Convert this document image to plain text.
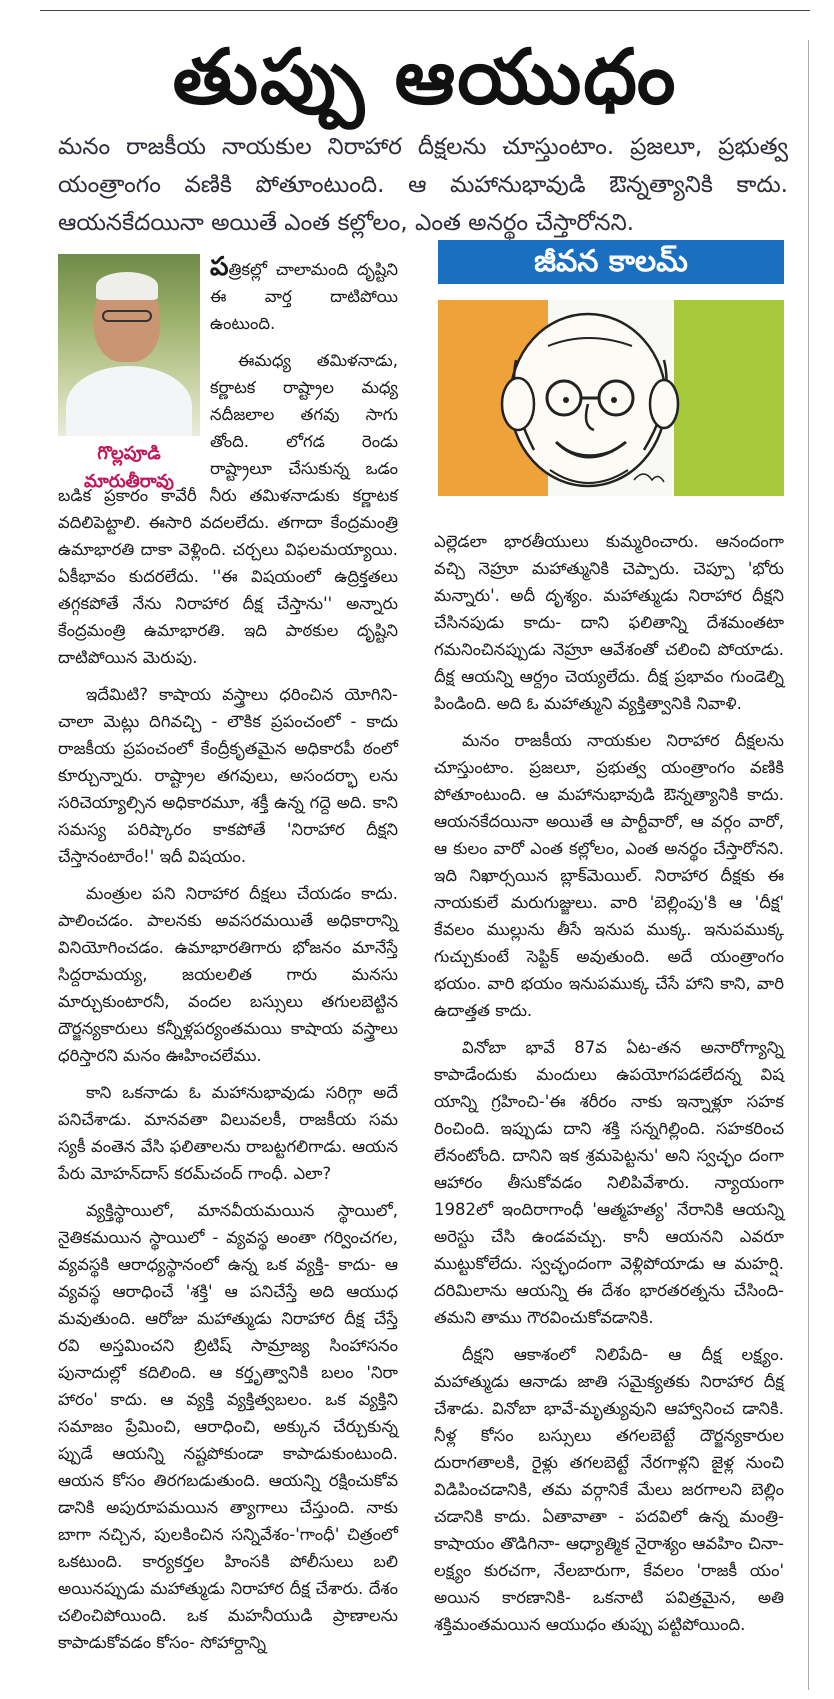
తుప్పు ఆయుధం
మనం రాజకీయ నాయకుల నిరాహార దీక్షలను చూస్తుంటాం. ప్రజలూ, ప్రభుత్వ యంత్రాంగం వణికి పోతూంటుంది. ఆ మహానుభావుడి ఔన్నత్యానికి కాదు. ఆయనకేదయినా అయితే ఎంత కల్లోలం, ఎంత అనర్థం చేస్తారోనని.
గొల్లపూడి
మారుతీరావు

పత్రికల్లో చాలామంది దృష్టిని ఈ వార్త దాటిపోయి ఉంటుంది.

ఈమధ్య తమిళనాడు, కర్ణాటక రాష్ట్రాల మధ్య నదీజలాల తగవు సాగు తోంది. లోగడ రెండు రాష్ట్రాలూ చేసుకున్న ఒడం బడిక ప్రకారం కావేరీ నీరు తమిళనాడుకు కర్ణాటక వదిలిపెట్టాలి. ఈసారి వదలలేదు. తగాదా కేంద్రమంత్రి ఉమాభారతి దాకా వెళ్లింది. చర్చలు విఫలమయ్యాయి. ఏకీభావం కుదరలేదు. ''ఈ విషయంలో ఉద్రిక్తతలు తగ్గకపోతే నేను నిరాహార దీక్ష చేస్తాను'' అన్నారు కేంద్రమంత్రి ఉమాభారతి. ఇది పాఠకుల దృష్టిని దాటిపోయిన మెరుపు.

ఇదేమిటి? కాషాయ వస్త్రాలు ధరించిన యోగిని- చాలా మెట్లు దిగివచ్చి - లౌకిక ప్రపంచంలో - కాదు రాజకీయ ప్రపంచంలో కేంద్రీకృతమైన అధికారపీ ఠంలో కూర్చున్నారు. రాష్ట్రాల తగవులు, అసందర్భా లను సరిచెయ్యాల్సిన అధికారమూ, శక్తీ ఉన్న గద్దె అది. కాని సమస్య పరిష్కారం కాకపోతే 'నిరాహార దీక్షని చేస్తానంటారేం!' ఇదీ విషయం.

మంత్రుల పని నిరాహార దీక్షలు చేయడం కాదు. పాలించడం. పాలనకు అవసరమయితే అధికారాన్ని వినియోగించడం. ఉమాభారతిగారు భోజనం మానేస్తే సిద్దరామయ్య, జయలలిత గారు మనసు మార్చుకుంటారనీ, వందల బస్సులు తగులబెట్టిన దౌర్జన్యకారులు కన్నీళ్లపర్యంతమయి కాషాయ వస్త్రాలు ధరిస్తారని మనం ఊహించలేము.

కాని ఒకనాడు ఓ మహానుభావుడు సరిగ్గా అదే పనిచేశాడు. మానవతా విలువలకీ, రాజకీయ సమ స్యకీ వంతెన వేసి ఫలితాలను రాబట్టగలిగాడు. ఆయన పేరు మోహన్‌దాస్ కరమ్‌చంద్ గాంధీ. ఎలా?

వ్యక్తిస్థాయిలో, మానవీయమయిన స్థాయిలో, నైతికమయిన స్థాయిలో - వ్యవస్థ అంతా గర్వించగల, వ్యవస్థకి ఆరాధ్యస్థానంలో ఉన్న ఒక వ్యక్తి- కాదు- ఆ వ్యవస్థ ఆరాధించే 'శక్తి' ఆ పనిచేస్తే అది ఆయుధ మవుతుంది. ఆరోజు మహాత్ముడు నిరాహార దీక్ష చేస్తే రవి అస్తమించని బ్రిటిష్ సామ్రాజ్య సింహాసనం పునాదుల్లో కదిలింది. ఆ కర్తృత్వానికి బలం 'నిరా హారం' కాదు. ఆ వ్యక్తి వ్యక్తిత్వబలం. ఒక వ్యక్తిని సమాజం ప్రేమించి, ఆరాధించి, అక్కున చేర్చుకున్న ప్పుడే ఆయన్ని నష్టపోకుండా కాపాడుకుంటుంది. ఆయన కోసం తిరగబడుతుంది. ఆయన్ని రక్షించుకోవ డానికి అపురూపమయిన త్యాగాలు చేస్తుంది. నాకు బాగా నచ్చిన, పులకించిన సన్నివేశం-'గాంధీ' చిత్రంలో ఒకటుంది. కార్యకర్తల హింసకి పోలీసులు బలి అయినప్పుడు మహాత్ముడు నిరాహార దీక్ష చేశారు. దేశం చలించిపోయింది. ఒక మహనీయుడి ప్రాణాలను కాపాడుకోవడం కోసం- సోహార్దాన్ని

జీవన కాలమ్

ఎల్లెడలా భారతీయులు కుమ్మరించారు. ఆనందంగా వచ్చి నెహ్రూ మహాత్మునికి చెప్పారు. చెప్పూ 'భోరు మన్నారు'. అదీ దృశ్యం. మహాత్ముడు నిరాహార దీక్షని చేసినపుడు కాదు- దాని ఫలితాన్ని దేశమంతటా గమనించినప్పుడు నెహ్రూ ఆవేశంతో చలించి పోయాడు. దీక్ష ఆయన్ని ఆర్ద్రం చెయ్యలేదు. దీక్ష ప్రభావం గుండెల్ని పిండింది. అది ఓ మహాత్ముని వ్యక్తిత్వానికి నివాళి.

మనం రాజకీయ నాయకుల నిరాహార దీక్షలను చూస్తుంటాం. ప్రజలూ, ప్రభుత్వ యంత్రాంగం వణికి పోతూంటుంది. ఆ మహానుభావుడి ఔన్నత్యానికి కాదు. ఆయనకేదయినా అయితే ఆ పార్టీవారో, ఆ వర్గం వారో, ఆ కులం వారో ఎంత కల్లోలం, ఎంత అనర్థం చేస్తారోనని. ఇది నిఖార్సయిన బ్లాక్‌మెయిల్. నిరాహార దీక్షకు ఈ నాయకులే మరుగుజ్జులు. వారి 'బెల్లింపు'కి ఆ 'దీక్ష' కేవలం ముల్లును తీసే ఇనుప ముక్క. ఇనుపముక్క గుచ్చుకుంటే సెప్టిక్ అవుతుంది. అదే యంత్రాంగం భయం. వారి భయం ఇనుపముక్క చేసే హాని కాని, వారి ఉదాత్తత కాదు.

వినోబా భావే 87వ ఏట-తన అనారోగ్యాన్ని కాపాడేందుకు మందులు ఉపయోగపడలేదన్న విష యాన్ని గ్రహించి-'ఈ శరీరం నాకు ఇన్నాళ్లూ సహక రించింది. ఇప్పుడు దాని శక్తి సన్నగిల్లింది. సహకరించ లేనంటోంది. దానిని ఇక శ్రమపెట్టను' అని స్వచ్ఛం దంగా ఆహారం తీసుకోవడం నిలిపివేశారు. న్యాయంగా 1982లో ఇందిరాగాంధీ 'ఆత్మహత్య' నేరానికి ఆయన్ని అరెస్టు చేసి ఉండవచ్చు. కానీ ఆయనని ఎవరూ ముట్టుకోలేదు. స్వచ్ఛందంగా వెళ్లిపోయాడు ఆ మహర్షి. దరిమిలాను ఆయన్ని ఈ దేశం భారతరత్నను చేసింది-తమని తాము గౌరవించుకోవడానికి.

దీక్షని ఆకాశంలో నిలిపేది- ఆ దీక్ష లక్ష్యం. మహాత్ముడు ఆనాడు జాతి సమైక్యతకు నిరాహార దీక్ష చేశాడు. వినోబా భావే-మృత్యువుని ఆహ్వానించ డానికి. నీళ్ల కోసం బస్సులు తగలబెట్టే దౌర్జన్యకారుల దురాగతాలకి, రైళ్లు తగలబెట్టే నేరగాళ్లని జైళ్ల నుంచి విడిపించడానికి, తమ వర్గానికే మేలు జరగాలని బెల్లిం చడానికి కాదు. ఏతావాతా - పదవిలో ఉన్న మంత్రి- కాషాయం తొడిగినా- ఆధ్యాత్మిక నైరాశ్యం ఆవహిం చినా- లక్ష్యం కురచగా, నేలబారుగా, కేవలం 'రాజకీ యం' అయిన కారణానికి- ఒకనాటి పవిత్రమైన, అతి శక్తిమంతమయిన ఆయుధం తుప్పు పట్టిపోయింది.
